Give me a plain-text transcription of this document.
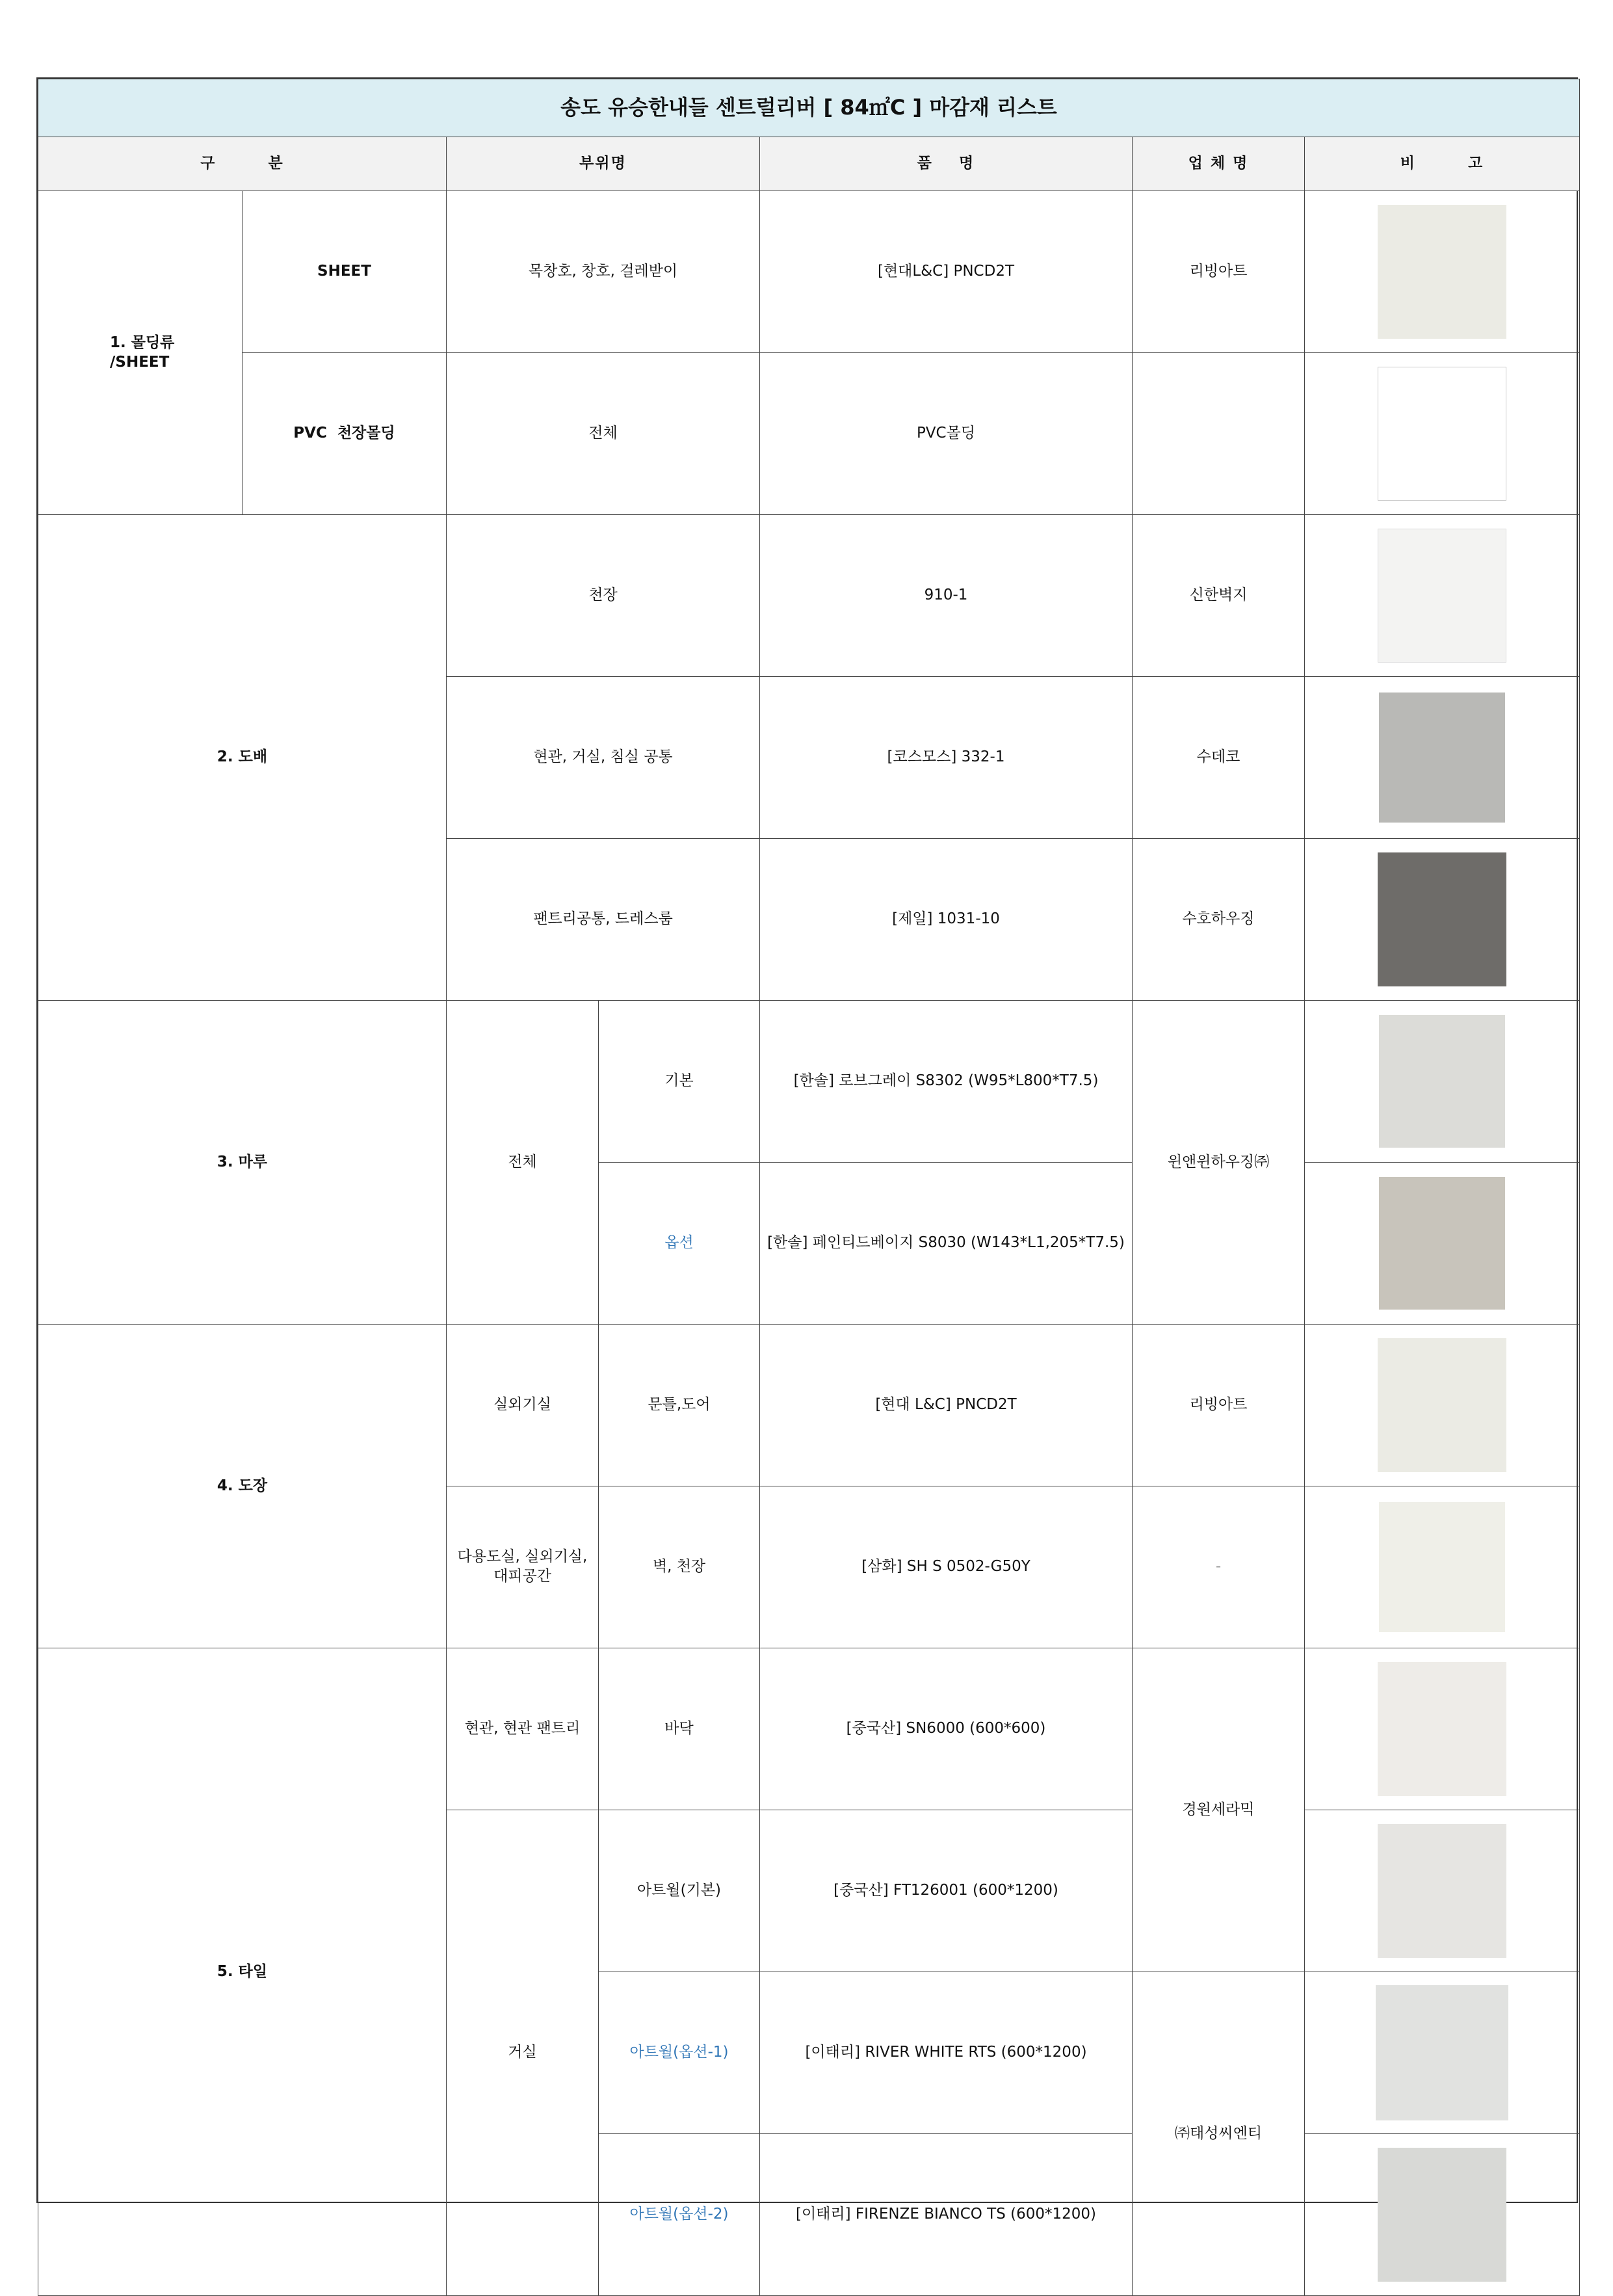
송도 유승한내들 센트럴리버 [ 84㎡C ] 마감재 리스트						
구        분		부위명		품    명	업 체 명	비        고
1. 몰딩류
/SHEET	SHEET	목창호, 창호, 걸레받이		[현대L&C] PNCD2T	리빙아트	

	PVC  천장몰딩	전체		PVC몰딩		

2. 도배		천장		910-1	신한벽지	

		현관, 거실, 침실 공통		[코스모스] 332-1	수데코	

		팬트리공통, 드레스룸		[제일] 1031-10	수호하우징	

3. 마루		전체	기본	[한솔] 로브그레이 S8302 (W95*L800*T7.5)	윈앤윈하우징㈜	

			옵션	[한솔] 페인티드베이지 S8030 (W143*L1,205*T7.5)		

4. 도장		실외기실	문틀,도어	[현대 L&C] PNCD2T	리빙아트	

		다용도실, 실외기실,
대피공간	벽, 천장	[삼화] SH S 0502-G50Y	-	

5. 타일		현관, 현관 팬트리	바닥	[중국산] SN6000 (600*600)	경원세라믹	

		거실	아트월(기본)	[중국산] FT126001 (600*1200)		

			아트월(옵션-1)	[이태리] RIVER WHITE RTS (600*1200)	㈜태성씨엔티	

			아트월(옵션-2)	[이태리] FIRENZE BIANCO TS (600*1200)		
